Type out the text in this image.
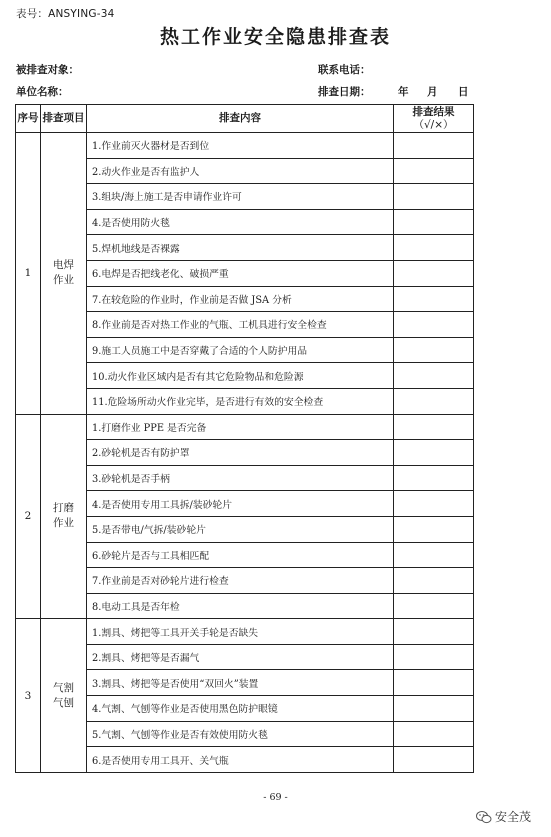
表号：ANSYING-34
热工作业安全隐患排查表
被排查对象：	联系电话：
单位名称：	排查日期：	年 月 日
序号	排查项目	排查内容	排查结果
（√/×）

1	电焊作业	1.作业前灭火器材是否到位	
		2.动火作业是否有监护人	
		3.组块/海上施工是否申请作业许可	
		4.是否使用防火毯	
		5.焊机地线是否裸露	
		6.电焊是否把线老化、破损严重	
		7.在较危险的作业时，作业前是否做 JSA 分析	
		8.作业前是否对热工作业的气瓶、工机具进行安全检查	
		9.施工人员施工中是否穿戴了合适的个人防护用品	
		10.动火作业区域内是否有其它危险物品和危险源	
		11.危险场所动火作业完毕，是否进行有效的安全检查	
2	打磨作业	1.打磨作业 PPE 是否完备	
		2.砂轮机是否有防护罩	
		3.砂轮机是否手柄	
		4.是否使用专用工具拆/装砂轮片	
		5.是否带电/气拆/装砂轮片	
		6.砂轮片是否与工具相匹配	
		7.作业前是否对砂轮片进行检查	
		8.电动工具是否年检	
3	气割气刨	1.割具、烤把等工具开关手轮是否缺失	
		2.割具、烤把等是否漏气	
		3.割具、烤把等是否使用“双回火”装置	
		4.气割、气刨等作业是否使用黑色防护眼镜	
		5.气割、气刨等作业是否有效使用防火毯	
		6.是否使用专用工具开、关气瓶	
- 69 -
安全茂
